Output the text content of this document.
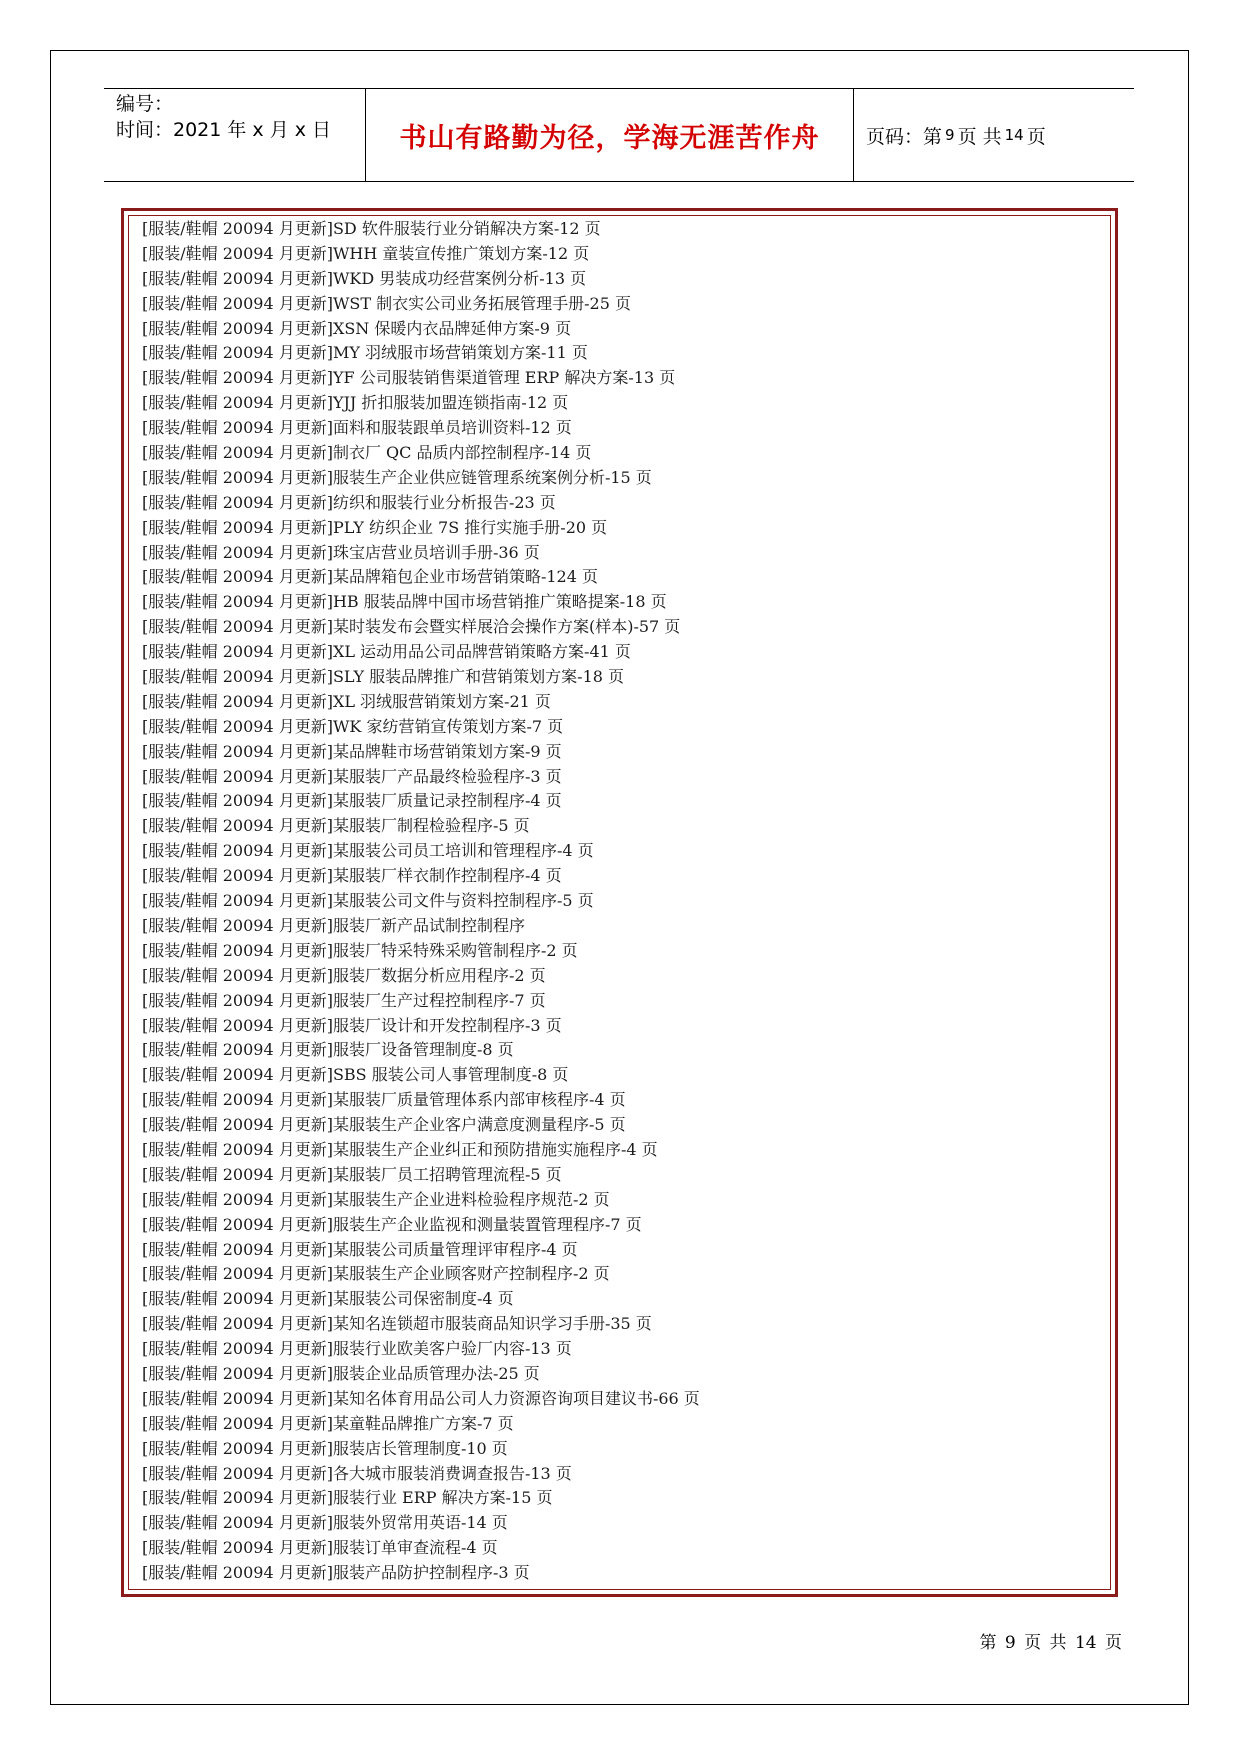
编号：
时间：2021 年 x 月 x 日	书山有路勤为径，学海无涯苦作舟	页码：第 9 页 共 14 页
[服装/鞋帽 20094 月更新]SD 软件服装行业分销解决方案-12 页
[服装/鞋帽 20094 月更新]WHH 童装宣传推广策划方案-12 页
[服装/鞋帽 20094 月更新]WKD 男装成功经营案例分析-13 页
[服装/鞋帽 20094 月更新]WST 制衣实公司业务拓展管理手册-25 页
[服装/鞋帽 20094 月更新]XSN 保暖内衣品牌延伸方案-9 页
[服装/鞋帽 20094 月更新]MY 羽绒服市场营销策划方案-11 页
[服装/鞋帽 20094 月更新]YF 公司服装销售渠道管理 ERP 解决方案-13 页
[服装/鞋帽 20094 月更新]YJJ 折扣服装加盟连锁指南-12 页
[服装/鞋帽 20094 月更新]面料和服装跟单员培训资料-12 页
[服装/鞋帽 20094 月更新]制衣厂 QC 品质内部控制程序-14 页
[服装/鞋帽 20094 月更新]服装生产企业供应链管理系统案例分析-15 页
[服装/鞋帽 20094 月更新]纺织和服装行业分析报告-23 页
[服装/鞋帽 20094 月更新]PLY 纺织企业 7S 推行实施手册-20 页
[服装/鞋帽 20094 月更新]珠宝店营业员培训手册-36 页
[服装/鞋帽 20094 月更新]某品牌箱包企业市场营销策略-124 页
[服装/鞋帽 20094 月更新]HB 服装品牌中国市场营销推广策略提案-18 页
[服装/鞋帽 20094 月更新]某时装发布会暨实样展洽会操作方案(样本)-57 页
[服装/鞋帽 20094 月更新]XL 运动用品公司品牌营销策略方案-41 页
[服装/鞋帽 20094 月更新]SLY 服装品牌推广和营销策划方案-18 页
[服装/鞋帽 20094 月更新]XL 羽绒服营销策划方案-21 页
[服装/鞋帽 20094 月更新]WK 家纺营销宣传策划方案-7 页
[服装/鞋帽 20094 月更新]某品牌鞋市场营销策划方案-9 页
[服装/鞋帽 20094 月更新]某服装厂产品最终检验程序-3 页
[服装/鞋帽 20094 月更新]某服装厂质量记录控制程序-4 页
[服装/鞋帽 20094 月更新]某服装厂制程检验程序-5 页
[服装/鞋帽 20094 月更新]某服装公司员工培训和管理程序-4 页
[服装/鞋帽 20094 月更新]某服装厂样衣制作控制程序-4 页
[服装/鞋帽 20094 月更新]某服装公司文件与资料控制程序-5 页
[服装/鞋帽 20094 月更新]服装厂新产品试制控制程序
[服装/鞋帽 20094 月更新]服装厂特采特殊采购管制程序-2 页
[服装/鞋帽 20094 月更新]服装厂数据分析应用程序-2 页
[服装/鞋帽 20094 月更新]服装厂生产过程控制程序-7 页
[服装/鞋帽 20094 月更新]服装厂设计和开发控制程序-3 页
[服装/鞋帽 20094 月更新]服装厂设备管理制度-8 页
[服装/鞋帽 20094 月更新]SBS 服装公司人事管理制度-8 页
[服装/鞋帽 20094 月更新]某服装厂质量管理体系内部审核程序-4 页
[服装/鞋帽 20094 月更新]某服装生产企业客户满意度测量程序-5 页
[服装/鞋帽 20094 月更新]某服装生产企业纠正和预防措施实施程序-4 页
[服装/鞋帽 20094 月更新]某服装厂员工招聘管理流程-5 页
[服装/鞋帽 20094 月更新]某服装生产企业进料检验程序规范-2 页
[服装/鞋帽 20094 月更新]服装生产企业监视和测量装置管理程序-7 页
[服装/鞋帽 20094 月更新]某服装公司质量管理评审程序-4 页
[服装/鞋帽 20094 月更新]某服装生产企业顾客财产控制程序-2 页
[服装/鞋帽 20094 月更新]某服装公司保密制度-4 页
[服装/鞋帽 20094 月更新]某知名连锁超市服装商品知识学习手册-35 页
[服装/鞋帽 20094 月更新]服装行业欧美客户验厂内容-13 页
[服装/鞋帽 20094 月更新]服装企业品质管理办法-25 页
[服装/鞋帽 20094 月更新]某知名体育用品公司人力资源咨询项目建议书-66 页
[服装/鞋帽 20094 月更新]某童鞋品牌推广方案-7 页
[服装/鞋帽 20094 月更新]服装店长管理制度-10 页
[服装/鞋帽 20094 月更新]各大城市服装消费调查报告-13 页
[服装/鞋帽 20094 月更新]服装行业 ERP 解决方案-15 页
[服装/鞋帽 20094 月更新]服装外贸常用英语-14 页
[服装/鞋帽 20094 月更新]服装订单审查流程-4 页
[服装/鞋帽 20094 月更新]服装产品防护控制程序-3 页
第 9 页 共 14 页
